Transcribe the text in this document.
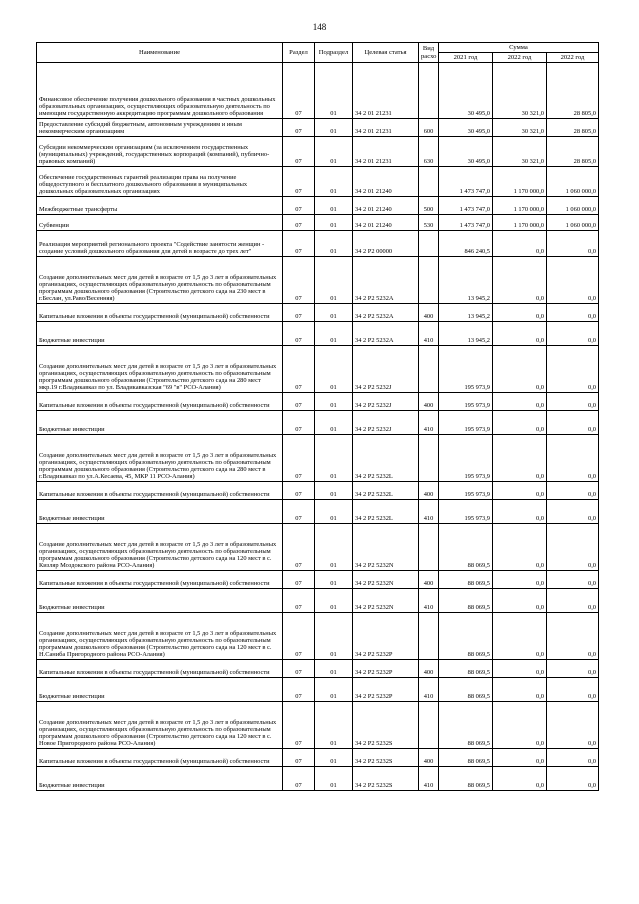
148
Наименование	Раздел	Подраздел	Целевая статья	Вид расхо	Сумма		
					2021 год	2022 год	2022 год
Финансовое обеспечение получения дошкольного образования в частных дошкольных образовательных организациях, осуществляющих образовательную деятельность по имеющим государственную аккредитацию программам дошкольного образования	07	01	34 2 01 21231		30 495,0	30 321,0	28 805,0
Предоставление субсидий бюджетным, автономным учреждениям и иным некоммерческим организациям	07	01	34 2 01 21231	600	30 495,0	30 321,0	28 805,0
Субсидии некоммерческим организациям (за исключением государственных (муниципальных) учреждений, государственных корпораций (компаний), публично-правовых компаний)	07	01	34 2 01 21231	630	30 495,0	30 321,0	28 805,0
Обеспечение государственных гарантий реализации права на получение общедоступного и бесплатного дошкольного образования в муниципальных дошкольных образовательных организациях	07	01	34 2 01 21240		1 473 747,0	1 170 000,0	1 060 000,0
Межбюджетные трансферты	07	01	34 2 01 21240	500	1 473 747,0	1 170 000,0	1 060 000,0
Субвенции	07	01	34 2 01 21240	530	1 473 747,0	1 170 000,0	1 060 000,0
Реализация мероприятий регионального проекта "Содействие занятости женщин - создание условий дошкольного образования для детей в возрасте до трех лет"	07	01	34 2 P2 00000		846 240,5	0,0	0,0
Создание дополнительных мест для детей в возрасте от 1,5 до 3 лет в образовательных организациях, осуществляющих образовательную деятельность по образовательным программам дошкольного образования (Строительство детского сада на 230 мест в г.Беслан, ул.Раво/Весенняя)	07	01	34 2 P2 5232A		13 945,2	0,0	0,0
Капитальные вложения в объекты государственной (муниципальной) собственности	07	01	34 2 P2 5232A	400	13 945,2	0,0	0,0
Бюджетные инвестиции	07	01	34 2 P2 5232A	410	13 945,2	0,0	0,0
Создание дополнительных мест для детей в возрасте от 1,5 до 3 лет в образовательных организациях, осуществляющих образовательную деятельность по образовательным программам дошкольного образования (Строительство детского сада на 280 мест мкр.19 г.Владикавказ по ул. Владикавказская "69 "в" РСО-Алания)	07	01	34 2 P2 5232J		195 973,9	0,0	0,0
Капитальные вложения в объекты государственной (муниципальной) собственности	07	01	34 2 P2 5232J	400	195 973,9	0,0	0,0
Бюджетные инвестиции	07	01	34 2 P2 5232J	410	195 973,9	0,0	0,0
Создание дополнительных мест для детей в возрасте от 1,5 до 3 лет в образовательных организациях, осуществляющих образовательную деятельность по образовательным программам дошкольного образования (Строительство детского сада на 280 мест в г.Владикавказ по ул.А.Кесаева, 45, МКР 11 РСО-Алания)	07	01	34 2 P2 5232L		195 973,9	0,0	0,0
Капитальные вложения в объекты государственной (муниципальной) собственности	07	01	34 2 P2 5232L	400	195 973,9	0,0	0,0
Бюджетные инвестиции	07	01	34 2 P2 5232L	410	195 973,9	0,0	0,0
Создание дополнительных мест для детей в возрасте от 1,5 до 3 лет в образовательных организациях, осуществляющих образовательную деятельность по образовательным программам дошкольного образования (Строительство детского сада на 120 мест в с. Кизляр Моздокского района РСО-Алания)	07	01	34 2 P2 5232N		88 069,5	0,0	0,0
Капитальные вложения в объекты государственной (муниципальной) собственности	07	01	34 2 P2 5232N	400	88 069,5	0,0	0,0
Бюджетные инвестиции	07	01	34 2 P2 5232N	410	88 069,5	0,0	0,0
Создание дополнительных мест для детей в возрасте от 1,5 до 3 лет в образовательных организациях, осуществляющих образовательную деятельность по образовательным программам дошкольного образования (Строительство детского сада на 120 мест в с. Н.Саниба Пригородного района РСО-Алания)	07	01	34 2 P2 5232P		88 069,5	0,0	0,0
Капитальные вложения в объекты государственной (муниципальной) собственности	07	01	34 2 P2 5232P	400	88 069,5	0,0	0,0
Бюджетные инвестиции	07	01	34 2 P2 5232P	410	88 069,5	0,0	0,0
Создание дополнительных мест для детей в возрасте от 1,5 до 3 лет в образовательных организациях, осуществляющих образовательную деятельность по образовательным программам дошкольного образования (Строительство детского сада на 120 мест в с. Новое Пригородного района РСО-Алания)	07	01	34 2 P2 5232S		88 069,5	0,0	0,0
Капитальные вложения в объекты государственной (муниципальной) собственности	07	01	34 2 P2 5232S	400	88 069,5	0,0	0,0
Бюджетные инвестиции	07	01	34 2 P2 5232S	410	88 069,5	0,0	0,0
